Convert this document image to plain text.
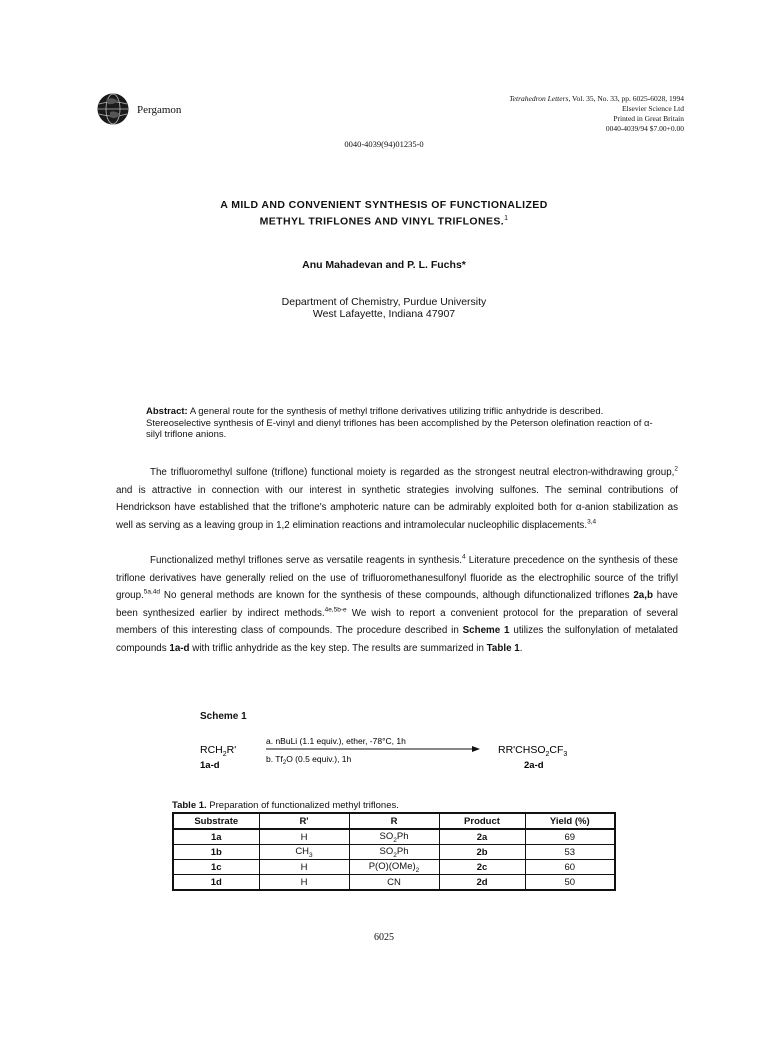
Pergamon
Tetrahedron Letters, Vol. 35, No. 33, pp. 6025-6028, 1994
Elsevier Science Ltd
Printed in Great Britain
0040-4039/94 $7.00+0.00
0040-4039(94)01235-0
A MILD AND CONVENIENT SYNTHESIS OF FUNCTIONALIZED
METHYL TRIFLONES AND VINYL TRIFLONES.$^1$
Anu Mahadevan and P. L. Fuchs*
Department of Chemistry, Purdue University
West Lafayette, Indiana 47907
Abstract: A general route for the synthesis of methyl triflone derivatives utilizing triflic anhydride is described. Stereoselective synthesis of E-vinyl and dienyl triflones has been accomplished by the Peterson olefination reaction of α-silyl triflone anions.

The trifluoromethyl sulfone (triflone) functional moiety is regarded as the strongest neutral electron-withdrawing group,$^2$ and is attractive in connection with our interest in synthetic strategies involving sulfones. The seminal contributions of Hendrickson have established that the triflone's amphoteric nature can be admirably exploited both for α-anion stabilization as well as serving as a leaving group in 1,2 elimination reactions and intramolecular nucleophilic displacements.$^{3,4}$

Functionalized methyl triflones serve as versatile reagents in synthesis.$^4$ Literature precedence on the synthesis of these triflone derivatives have generally relied on the use of trifluoromethanesulfonyl fluoride as the electrophilic source of the triflyl group.$^{5a,4d}$ No general methods are known for the synthesis of these compounds, although difunctionalized triflones 2a,b have been synthesized earlier by indirect methods.$^{4e,5b-e}$ We wish to report a convenient protocol for the preparation of several members of this interesting class of compounds. The procedure described in Scheme 1 utilizes the sulfonylation of metalated compounds 1a-d with triflic anhydride as the key step. The results are summarized in Table 1.

Scheme 1
$RCH_2R'$
1a-d
a. nBuLi (1.1 equiv.), ether, -78°C, 1h
b. $Tf_2O$ (0.5 equiv.), 1h
$RR'CHSO_2CF_3$
2a-d
Table 1. Preparation of functionalized methyl triflones.
Substrate	R'	R	Product	Yield (%)
1a	H	$SO_2Ph$	2a	69
1b	$CH_3$	$SO_2Ph$	2b	53
1c	H	$P(O)(OMe)_2$	2c	60
1d	H	CN	2d	50
6025
